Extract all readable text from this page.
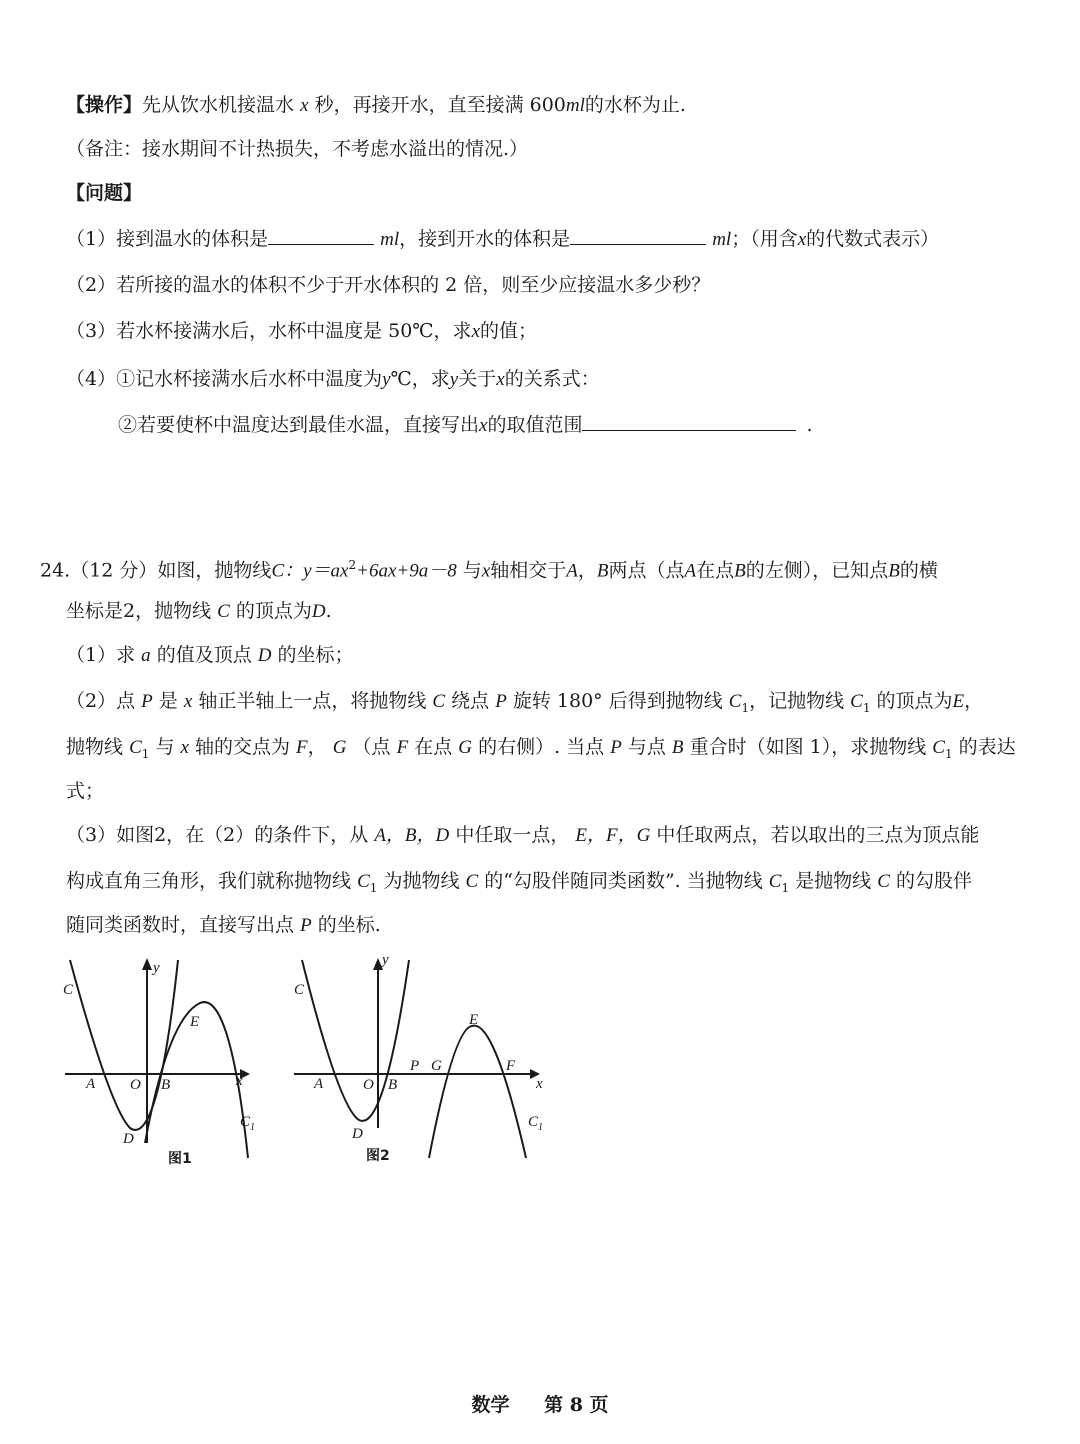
【操作】先从饮水机接温水 x 秒，再接开水，直至接满 600ml的水杯为止.
（备注：接水期间不计热损失，不考虑水溢出的情况.）
【问题】
（1）接到温水的体积是	ml，接到开水的体积是	ml；（用含x的代数式表示）
（2）若所接的温水的体积不少于开水体积的 2 倍，则至少应接温水多少秒？
（3）若水杯接满水后，水杯中温度是 50℃，求x的值；
（4）①记水杯接满水后水杯中温度为y℃，求y关于x的关系式：
②若要使杯中温度达到最佳水温，直接写出x的取值范围	.
24.（12 分）如图，抛物线C：$y=ax^2+6ax+9a-8$ 与x轴相交于A，B两点（点A在点B的左侧），已知点B的横
坐标是2，抛物线 C 的顶点为D.
（1）求 a 的值及顶点 D 的坐标；
（2）点 P 是 x 轴正半轴上一点，将抛物线 C 绕点 P 旋转 180° 后得到抛物线 $C_1$，记抛物线 $C_1$ 的顶点为E，
抛物线 $C_1$ 与 x 轴的交点为 F， G （点 F 在点 G 的右侧）. 当点 P 与点 B 重合时（如图 1），求抛物线 $C_1$ 的表达
式；
（3）如图2，在（2）的条件下，从 A，B，D 中任取一点， E，F，G 中任取两点，若以取出的三点为顶点能
构成直角三角形，我们就称抛物线 $C_1$ 为抛物线 C 的“勾股伴随同类函数”. 当抛物线 $C_1$ 是抛物线 C 的勾股伴
随同类函数时，直接写出点 P 的坐标.
C
y
E
A O B	x
D
$C_1$
图1
C
y
E
A	O B
P G	F
x
D
$C_1$
图2
数学 第 8 页
